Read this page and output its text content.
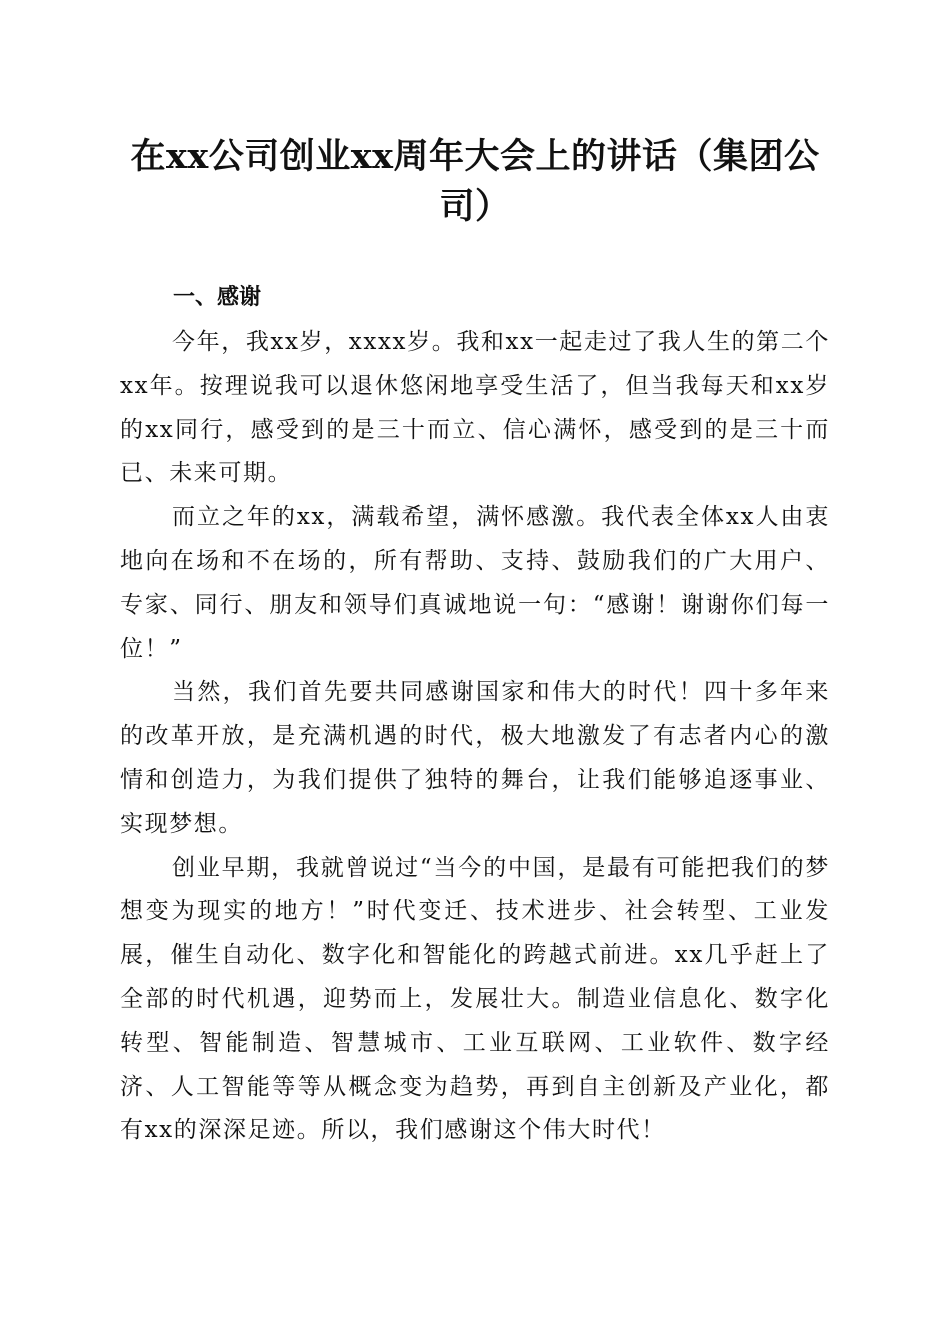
在xx公司创业xx周年大会上的讲话（集团公司）
一、感谢

今年，我xx岁，xxxx岁。我和xx一起走过了我人生的第二个xx年。按理说我可以退休悠闲地享受生活了，但当我每天和xx岁的xx同行，感受到的是三十而立、信心满怀，感受到的是三十而已、未来可期。

而立之年的xx，满载希望，满怀感激。我代表全体xx人由衷地向在场和不在场的，所有帮助、支持、鼓励我们的广大用户、专家、同行、朋友和领导们真诚地说一句：“感谢！谢谢你们每一位！”

当然，我们首先要共同感谢国家和伟大的时代！四十多年来的改革开放，是充满机遇的时代，极大地激发了有志者内心的激情和创造力，为我们提供了独特的舞台，让我们能够追逐事业、实现梦想。

创业早期，我就曾说过“当今的中国，是最有可能把我们的梦想变为现实的地方！”时代变迁、技术进步、社会转型、工业发展，催生自动化、数字化和智能化的跨越式前进。xx几乎赶上了全部的时代机遇，迎势而上，发展壮大。制造业信息化、数字化转型、智能制造、智慧城市、工业互联网、工业软件、数字经济、人工智能等等从概念变为趋势，再到自主创新及产业化，都有xx的深深足迹。所以，我们感谢这个伟大时代！
